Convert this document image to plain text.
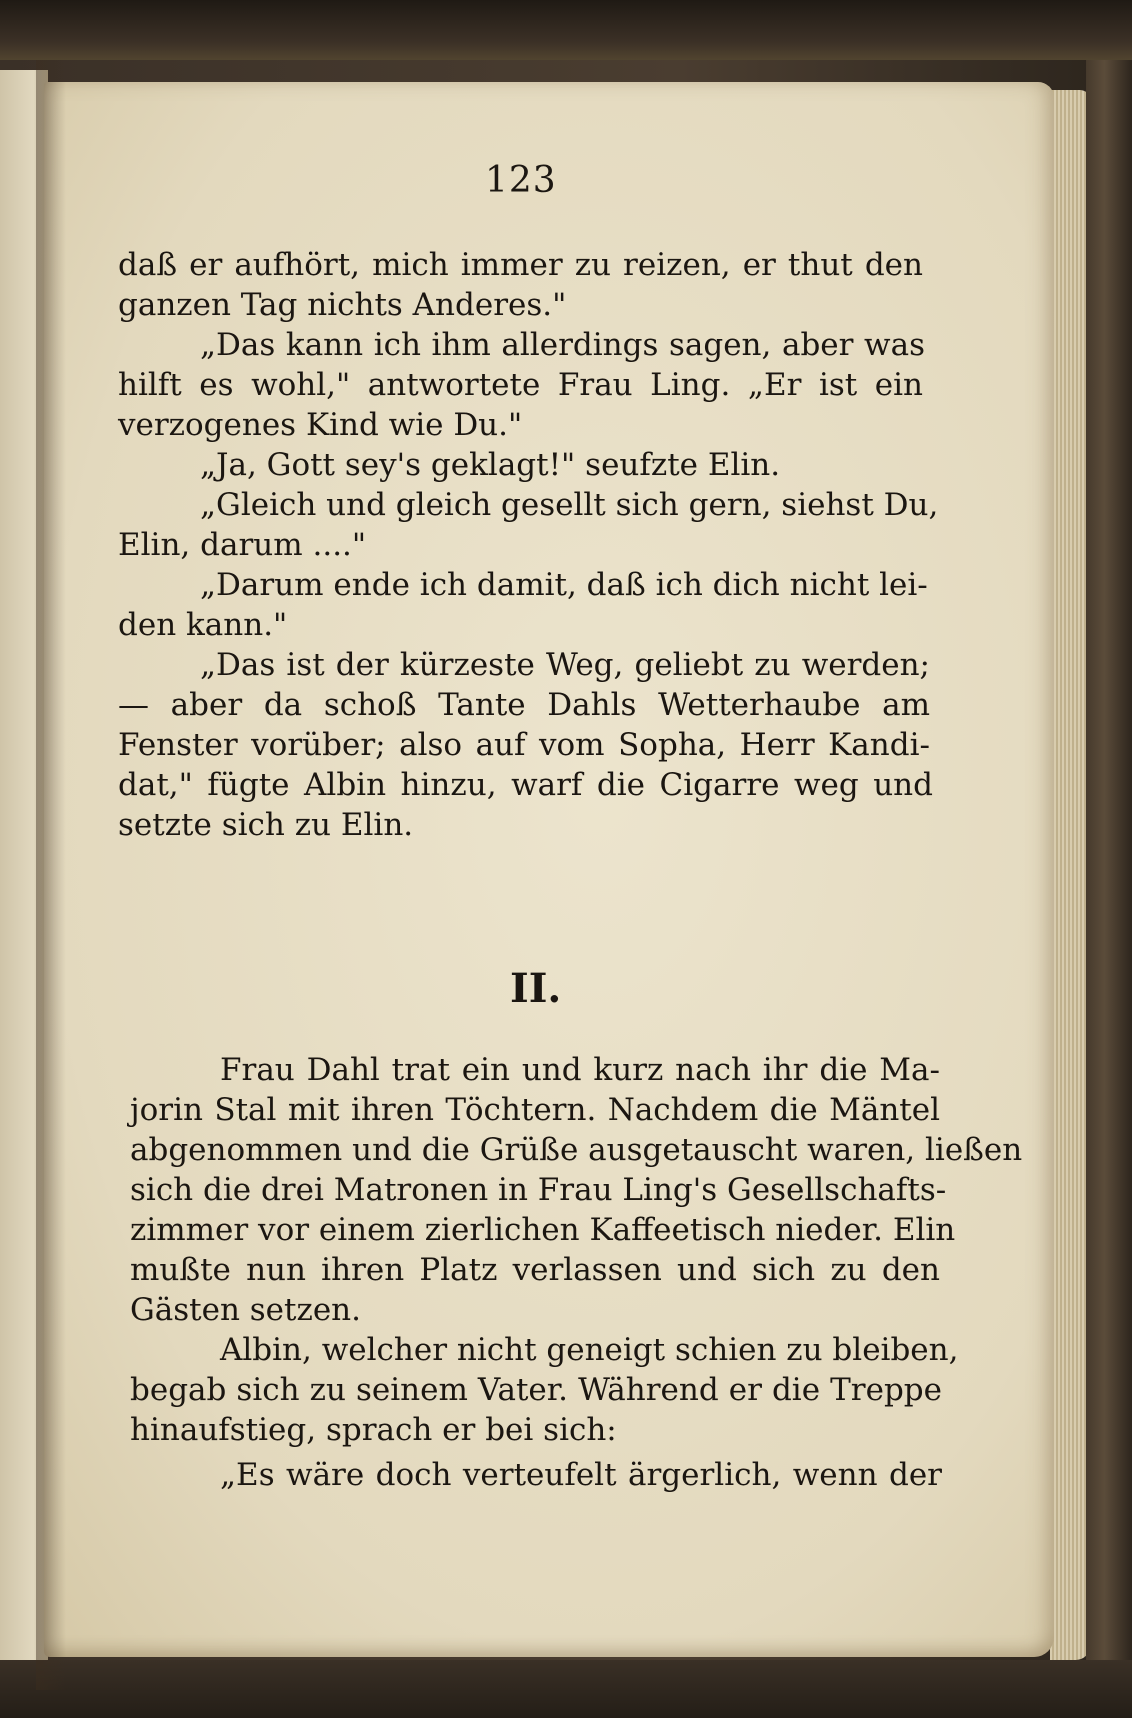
123

daß er aufhört, mich immer zu reizen, er thut den

ganzen Tag nichts Anderes."

„Das kann ich ihm allerdings sagen, aber was

hilft es wohl," antwortete Frau Ling. „Er ist ein

verzogenes Kind wie Du."

„Ja, Gott sey's geklagt!" seufzte Elin.

„Gleich und gleich gesellt sich gern, siehst Du,

Elin, darum ...."

„Darum ende ich damit, daß ich dich nicht lei-

den kann."

„Das ist der kürzeste Weg, geliebt zu werden;

— aber da schoß Tante Dahls Wetterhaube am

Fenster vorüber; also auf vom Sopha, Herr Kandi-

dat," fügte Albin hinzu, warf die Cigarre weg und

setzte sich zu Elin.

II.

Frau Dahl trat ein und kurz nach ihr die Ma-

jorin Stal mit ihren Töchtern. Nachdem die Mäntel

abgenommen und die Grüße ausgetauscht waren, ließen

sich die drei Matronen in Frau Ling's Gesellschafts-

zimmer vor einem zierlichen Kaffeetisch nieder. Elin

mußte nun ihren Platz verlassen und sich zu den

Gästen setzen.

Albin, welcher nicht geneigt schien zu bleiben,

begab sich zu seinem Vater. Während er die Treppe

hinaufstieg, sprach er bei sich:

„Es wäre doch verteufelt ärgerlich, wenn der
